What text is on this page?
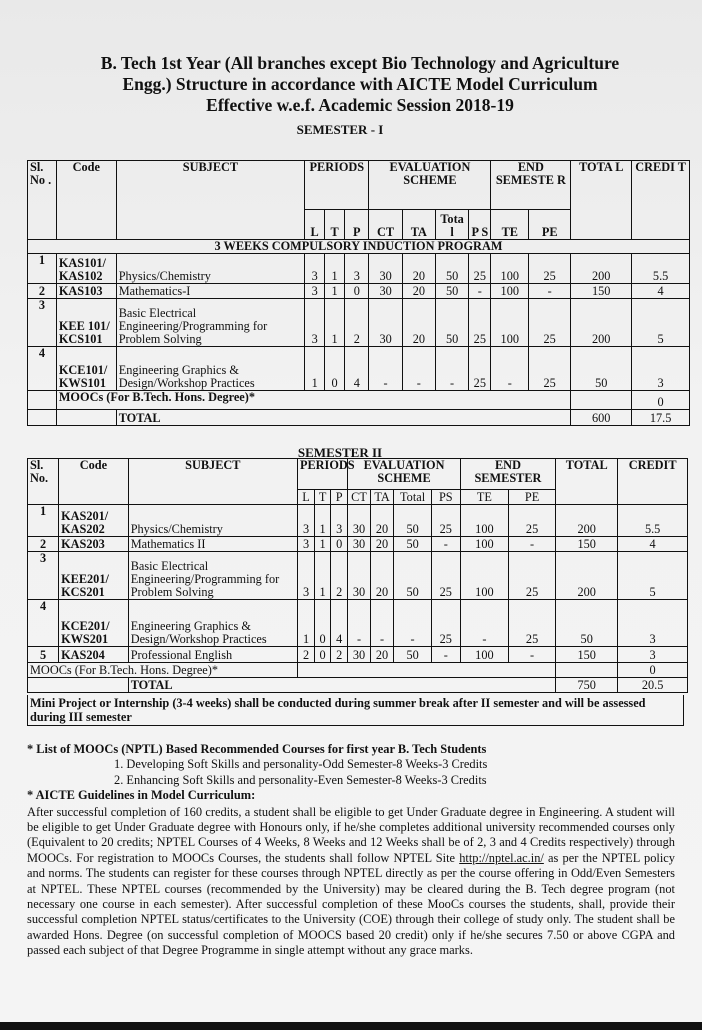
B. Tech 1st Year (All branches except Bio Technology and Agriculture
Engg.) Structure in accordance with AICTE Model Curriculum
Effective w.e.f. Academic Session 2018-19
SEMESTER - I
Sl. No .	Code	SUBJECT	PERIODS			EVALUATION SCHEME				END SEMESTE R		TOTA L	CREDI T
			L	T	P	CT	TA	Tota l	P S	TE	PE		
3 WEEKS COMPULSORY INDUCTION PROGRAM													
1	KAS101/ KAS102	Physics/Chemistry	3	1	3	30	20	50	25	100	25	200	5.5
2	KAS103	Mathematics-I	3	1	0	30	20	50	-	100	-	150	4
3	KEE 101/ KCS101	Basic Electrical Engineering/Programming for Problem Solving	3	1	2	30	20	50	25	100	25	200	5
4	KCE101/ KWS101	Engineering Graphics & Design/Workshop Practices	1	0	4	-	-	-	25	-	25	50	3
	MOOCs (For B.Tech. Hons. Degree)*												0
		TOTAL										600	17.5
SEMESTER II
Sl. No.	Code	SUBJECT	PERIODS			EVALUATION SCHEME				END SEMESTER		TOTAL	CREDIT
			L	T	P	CT	TA	Total	PS	TE	PE		
1	KAS201/ KAS202	Physics/Chemistry	3	1	3	30	20	50	25	100	25	200	5.5
2	KAS203	Mathematics II	3	1	0	30	20	50	-	100	-	150	4
3	KEE201/ KCS201	Basic Electrical Engineering/Programming for Problem Solving	3	1	2	30	20	50	25	100	25	200	5
4	KCE201/ KWS201	Engineering Graphics & Design/Workshop Practices	1	0	4	-	-	-	25	-	25	50	3
5	KAS204	Professional English	2	0	2	30	20	50	-	100	-	150	3
MOOCs (For B.Tech. Hons. Degree)*													0
		TOTAL										750	20.5
Mini Project or Internship (3-4 weeks) shall be conducted during summer break after II semester and will be assessed during III semester
* List of MOOCs (NPTL) Based Recommended Courses for first year B. Tech Students
1. Developing Soft Skills and personality-Odd Semester-8 Weeks-3 Credits
2. Enhancing Soft Skills and personality-Even Semester-8 Weeks-3 Credits
* AICTE Guidelines in Model Curriculum:
After successful completion of 160 credits, a student shall be eligible to get Under Graduate degree in Engineering. A student will be eligible to get Under Graduate degree with Honours only, if he/she completes additional university recommended courses only (Equivalent to 20 credits; NPTEL Courses of 4 Weeks, 8 Weeks and 12 Weeks shall be of 2, 3 and 4 Credits respectively) through MOOCs. For registration to MOOCs Courses, the students shall follow NPTEL Site http://nptel.ac.in/ as per the NPTEL policy and norms. The students can register for these courses through NPTEL directly as per the course offering in Odd/Even Semesters at NPTEL. These NPTEL courses (recommended by the University) may be cleared during the B. Tech degree program (not necessary one course in each semester). After successful completion of these MooCs courses the students, shall, provide their successful completion NPTEL status/certificates to the University (COE) through their college of study only. The student shall be awarded Hons. Degree (on successful completion of MOOCS based 20 credit) only if he/she secures 7.50 or above CGPA and passed each subject of that Degree Programme in single attempt without any grace marks.
